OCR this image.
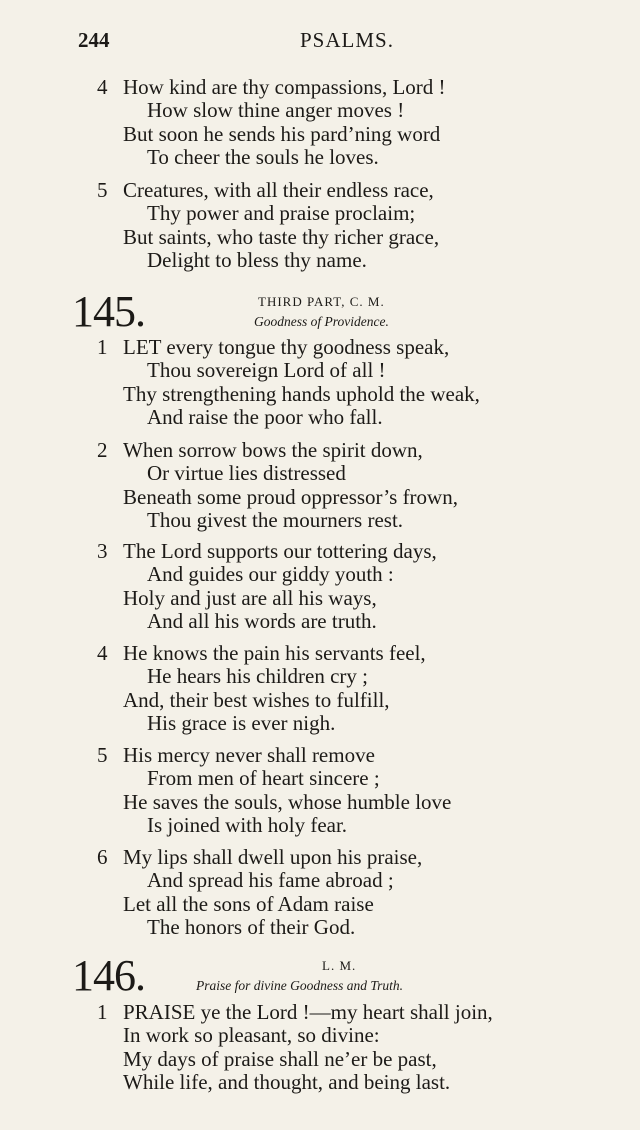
244	PSALMS.
4 How kind are thy compassions, Lord !
How slow thine anger moves !
But soon he sends his pard’ning word
To cheer the souls he loves.
5 Creatures, with all their endless race,
Thy power and praise proclaim;
But saints, who taste thy richer grace,
Delight to bless thy name.
145.	THIRD PART, C. M.
Goodness of Providence.
1 LET every tongue thy goodness speak,
Thou sovereign Lord of all !
Thy strengthening hands uphold the weak,
And raise the poor who fall.
2 When sorrow bows the spirit down,
Or virtue lies distressed
Beneath some proud oppressor’s frown,
Thou givest the mourners rest.
3 The Lord supports our tottering days,
And guides our giddy youth :
Holy and just are all his ways,
And all his words are truth.
4 He knows the pain his servants feel,
He hears his children cry ;
And, their best wishes to fulfill,
His grace is ever nigh.
5 His mercy never shall remove
From men of heart sincere ;
He saves the souls, whose humble love
Is joined with holy fear.
6 My lips shall dwell upon his praise,
And spread his fame abroad ;
Let all the sons of Adam raise
The honors of their God.
146.	L. M.
Praise for divine Goodness and Truth.
1 PRAISE ye the Lord !—my heart shall join,
In work so pleasant, so divine:
My days of praise shall ne’er be past,
While life, and thought, and being last.
